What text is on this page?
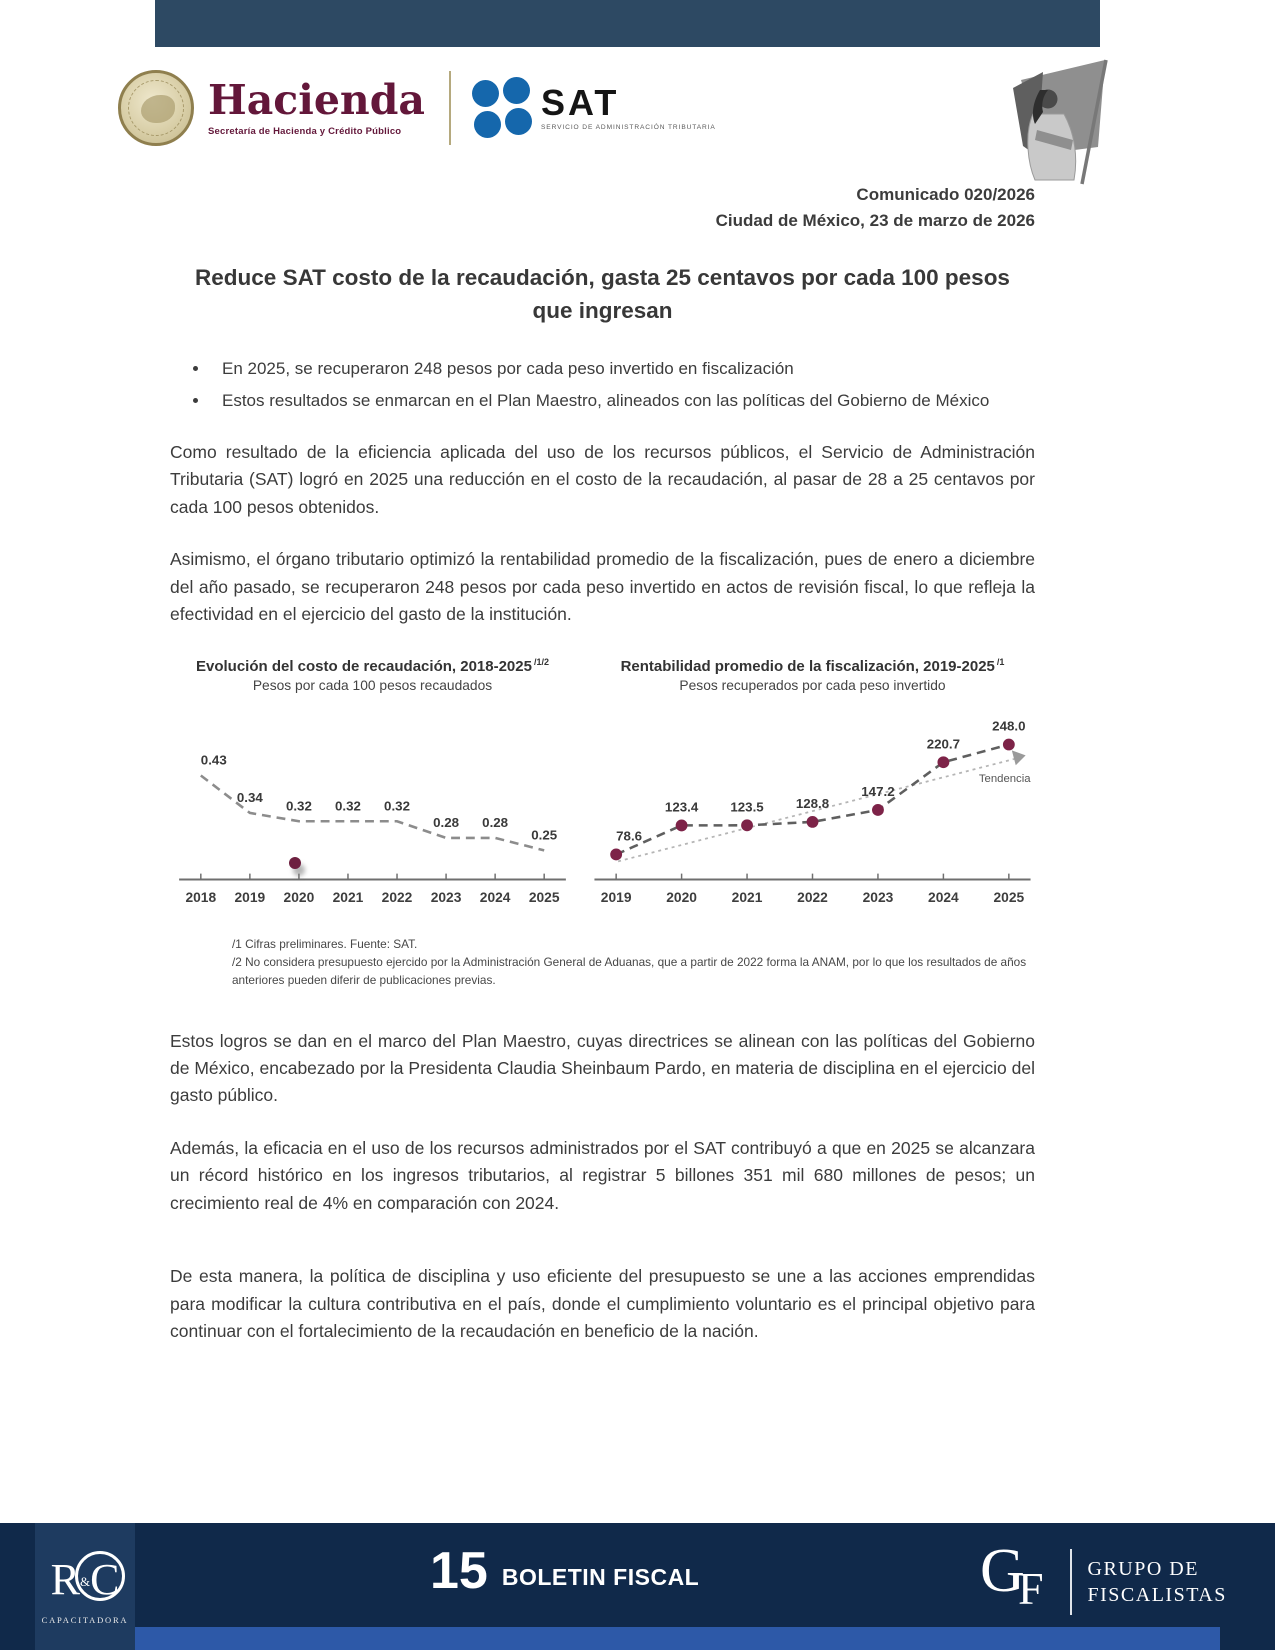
Hacienda
Secretaría de Hacienda y Crédito Público
SAT
SERVICIO DE ADMINISTRACIÓN TRIBUTARIA
Comunicado 020/2026
Ciudad de México, 23 de marzo de 2026
Reduce SAT costo de la recaudación, gasta 25 centavos por cada 100 pesos que ingresan
• En 2025, se recuperaron 248 pesos por cada peso invertido en fiscalización
• Estos resultados se enmarcan en el Plan Maestro, alineados con las políticas del Gobierno de México

Como resultado de la eficiencia aplicada del uso de los recursos públicos, el Servicio de Administración Tributaria (SAT) logró en 2025 una reducción en el costo de la recaudación, al pasar de 28 a 25 centavos por cada 100 pesos obtenidos.

Asimismo, el órgano tributario optimizó la rentabilidad promedio de la fiscalización, pues de enero a diciembre del año pasado, se recuperaron 248 pesos por cada peso invertido en actos de revisión fiscal, lo que refleja la efectividad en el ejercicio del gasto de la institución.

Evolución del costo de recaudación, 2018-2025 $^{/1/2}$
Pesos por cada 100 pesos recaudados
0.43
0.34
0.32 0.32 0.32
0.28 0.28
0.25
2018 2019 2020 2021 2022 2023 2024 2025
Rentabilidad promedio de la fiscalización, 2019-2025 $^{/1}$
Pesos recuperados por cada peso invertido
Tendencia
78.6
123.4 123.5 128.8
147.2
220.7
248.0
2019 2020 2021 2022 2023 2024 2025
/1 Cifras preliminares. Fuente: SAT.
/2 No considera presupuesto ejercido por la Administración General de Aduanas, que a partir de 2022 forma la ANAM, por lo que los resultados de años anteriores pueden diferir de publicaciones previas.

Estos logros se dan en el marco del Plan Maestro, cuyas directrices se alinean con las políticas del Gobierno de México, encabezado por la Presidenta Claudia Sheinbaum Pardo, en materia de disciplina en el ejercicio del gasto público.

Además, la eficacia en el uso de los recursos administrados por el SAT contribuyó a que en 2025 se alcanzara un récord histórico en los ingresos tributarios, al registrar 5 billones 351 mil 680 millones de pesos; un crecimiento real de 4% en comparación con 2024.

De esta manera, la política de disciplina y uso eficiente del presupuesto se une a las acciones emprendidas para modificar la cultura contributiva en el país, donde el cumplimiento voluntario es el principal objetivo para continuar con el fortalecimiento de la recaudación en beneficio de la nación.

R&C
CAPACITADORA
15 BOLETIN FISCAL	G
F GRUPO DE
FISCALISTAS
